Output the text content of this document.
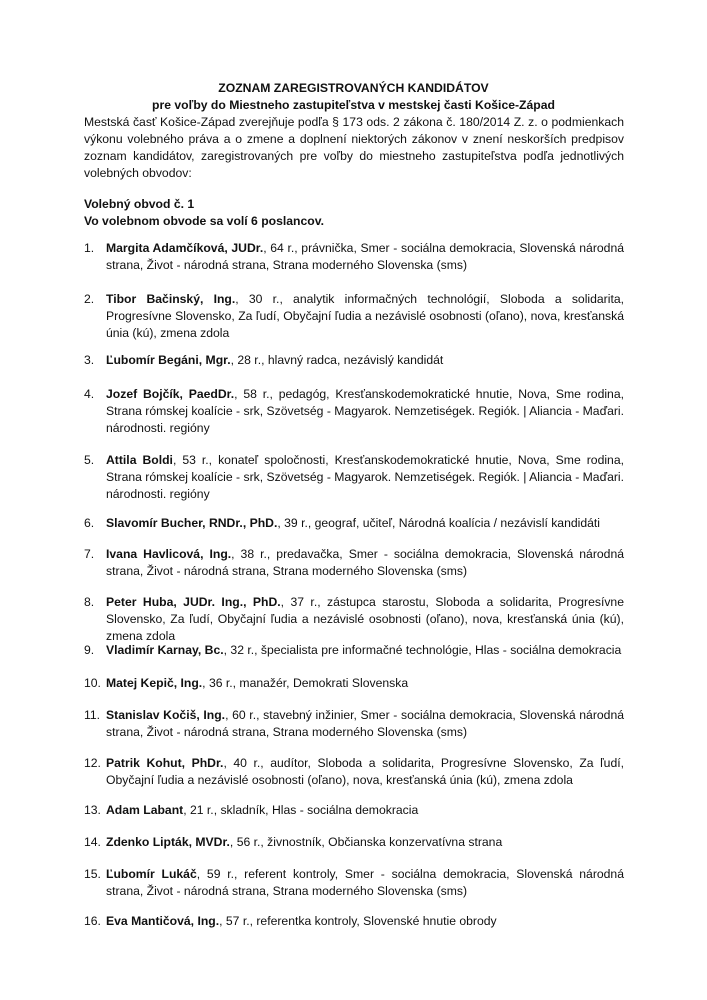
ZOZNAM ZAREGISTROVANÝCH KANDIDÁTOV

pre voľby do Miestneho zastupiteľstva v mestskej časti Košice-Západ

Mestská časť Košice-Západ zverejňuje podľa § 173 ods. 2 zákona č. 180/2014 Z. z. o podmienkach výkonu volebného práva a o zmene a doplnení niektorých zákonov v znení neskorších predpisov zoznam kandidátov, zaregistrovaných pre voľby do miestneho zastupiteľstva podľa jednotlivých volebných obvodov:

Volebný obvod č. 1

Vo volebnom obvode sa volí 6 poslancov.

1. Margita Adamčíková, JUDr., 64 r., právnička, Smer - sociálna demokracia, Slovenská národná strana, Život - národná strana, Strana moderného Slovenska (sms)
2. Tibor Bačinský, Ing., 30 r., analytik informačných technológií, Sloboda a solidarita, Progresívne Slovensko, Za ľudí, Obyčajní ľudia a nezávislé osobnosti (oľano), nova, kresťanská únia (kú), zmena zdola
3. Ľubomír Begáni, Mgr., 28 r., hlavný radca, nezávislý kandidát
4. Jozef Bojčík, PaedDr., 58 r., pedagóg, Kresťanskodemokratické hnutie, Nova, Sme rodina, Strana rómskej koalície - srk, Szövetség - Magyarok. Nemzetiségek. Regiók. | Aliancia - Maďari. národnosti. regióny
5. Attila Boldi, 53 r., konateľ spoločnosti, Kresťanskodemokratické hnutie, Nova, Sme rodina, Strana rómskej koalície - srk, Szövetség - Magyarok. Nemzetiségek. Regiók. | Aliancia - Maďari. národnosti. regióny
6. Slavomír Bucher, RNDr., PhD., 39 r., geograf, učiteľ, Národná koalícia / nezávislí kandidáti
7. Ivana Havlicová, Ing., 38 r., predavačka, Smer - sociálna demokracia, Slovenská národná strana, Život - národná strana, Strana moderného Slovenska (sms)
8. Peter Huba, JUDr. Ing., PhD., 37 r., zástupca starostu, Sloboda a solidarita, Progresívne Slovensko, Za ľudí, Obyčajní ľudia a nezávislé osobnosti (oľano), nova, kresťanská únia (kú), zmena zdola
9. Vladimír Karnay, Bc., 32 r., špecialista pre informačné technológie, Hlas - sociálna demokracia
10. Matej Kepič, Ing., 36 r., manažér, Demokrati Slovenska
11. Stanislav Kočiš, Ing., 60 r., stavebný inžinier, Smer - sociálna demokracia, Slovenská národná strana, Život - národná strana, Strana moderného Slovenska (sms)
12. Patrik Kohut, PhDr., 40 r., audítor, Sloboda a solidarita, Progresívne Slovensko, Za ľudí, Obyčajní ľudia a nezávislé osobnosti (oľano), nova, kresťanská únia (kú), zmena zdola
13. Adam Labant, 21 r., skladník, Hlas - sociálna demokracia
14. Zdenko Lipták, MVDr., 56 r., živnostník, Občianska konzervatívna strana
15. Ľubomír Lukáč, 59 r., referent kontroly, Smer - sociálna demokracia, Slovenská národná strana, Život - národná strana, Strana moderného Slovenska (sms)
16. Eva Mantičová, Ing., 57 r., referentka kontroly, Slovenské hnutie obrody
